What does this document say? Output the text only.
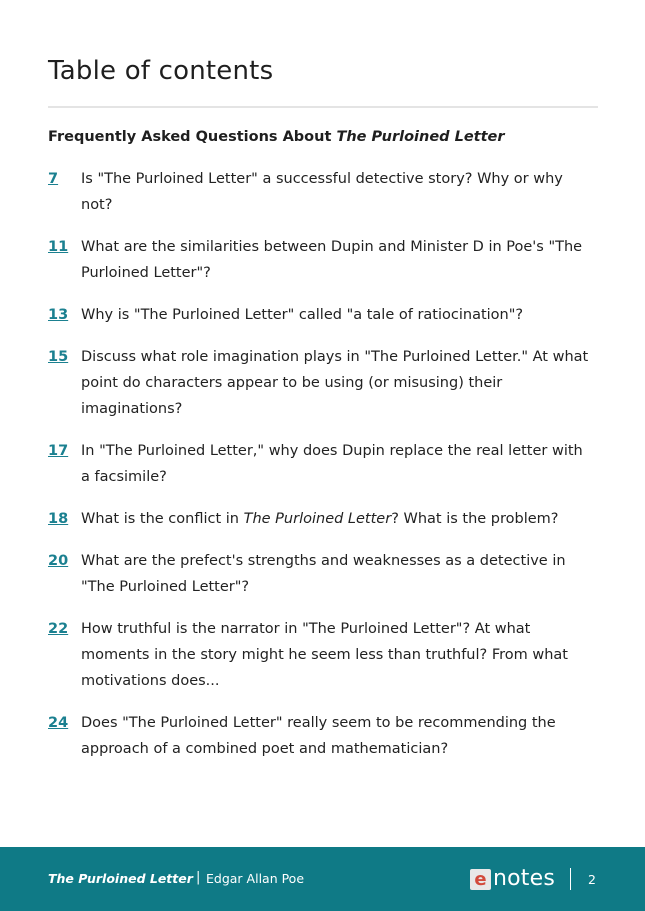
Table of contents
Frequently Asked Questions About The Purloined Letter
7	Is "The Purloined Letter" a successful detective story? Why or why not?
11 What are the similarities between Dupin and Minister D in Poe's "The Purloined Letter"?
13 Why is "The Purloined Letter" called "a tale of ratiocination"?
15 Discuss what role imagination plays in "The Purloined Letter." At what point do characters appear to be using (or misusing) their imaginations?
17 In "The Purloined Letter," why does Dupin replace the real letter with a facsimile?
18 What is the conflict in The Purloined Letter? What is the problem?
20 What are the prefect's strengths and weaknesses as a detective in "The Purloined Letter"?
22 How truthful is the narrator in "The Purloined Letter"? At what moments in the story might he seem less than truthful? From what motivations does...
24 Does "The Purloined Letter" really seem to be recommending the approach of a combined poet and mathematician?
The Purloined Letter | Edgar Allan Poe	e notes	2
